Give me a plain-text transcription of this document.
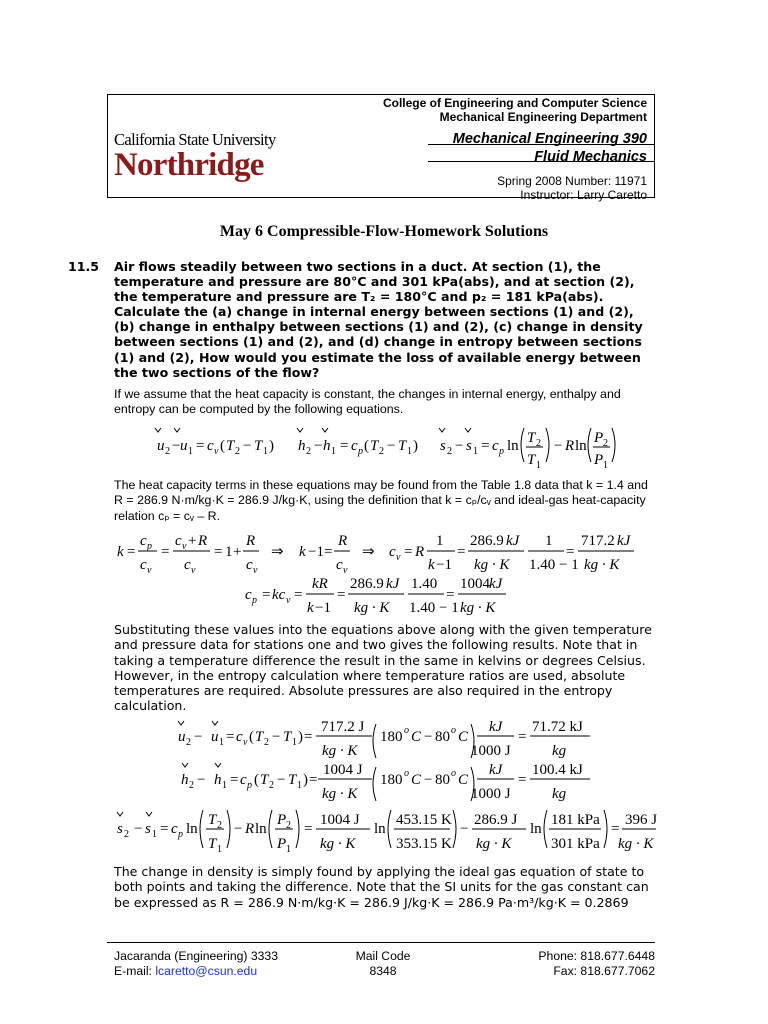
California State University
Northridge
College of Engineering and Computer Science
Mechanical Engineering Department
Mechanical Engineering 390
Fluid Mechanics
Spring 2008 Number: 11971
Instructor: Larry Caretto
May 6 Compressible-Flow-Homework Solutions
11.5 Air flows steadily between two sections in a duct. At section (1), the
temperature and pressure are 80°C and 301 kPa(abs), and at section (2),
the temperature and pressure are T₂ = 180°C and p₂ = 181 kPa(abs).
Calculate the (a) change in internal energy between sections (1) and (2),
(b) change in enthalpy between sections (1) and (2), (c) change in density
between sections (1) and (2), and (d) change in entropy between sections
(1) and (2), How would you estimate the loss of available energy between
the two sections of the flow?
If we assume that the heat capacity is constant, the changes in internal energy, enthalpy and
entropy can be computed by the following equations.
The heat capacity terms in these equations may be found from the Table 1.8 data that k = 1.4 and
R = 286.9 N·m/kg·K = 286.9 J/kg·K, using the definition that k = cₚ/cᵥ and ideal-gas heat-capacity
relation cₚ = cᵥ – R.
Substituting these values into the equations above along with the given temperature
and pressure data for stations one and two gives the following results. Note that in
taking a temperature difference the result in the same in kelvins or degrees Celsius.
However, in the entropy calculation where temperature ratios are used, absolute
temperatures are required. Absolute pressures are also required in the entropy
calculation.
The change in density is simply found by applying the ideal gas equation of state to
both points and taking the difference. Note that the SI units for the gas constant can
be expressed as R = 286.9 N·m/kg·K = 286.9 J/kg·K = 286.9 Pa·m³/kg·K = 0.2869
u 2 − u 1 = c v ( T 2 − T 1 ) h 2 − h 1 = c p ( T 2 − T 1 ) s 2 − s 1 = c p ln T 2
T 1
− R ln P 2
P 1
k =
c p
c v
=
c v + R
c v
= 1 +
R
c v
⇒ k −1=
R
c v
⇒ c v = R
1
k −1
=
286.9 kJ
kg · K
1
1.40 − 1
=
717.2 kJ
kg · K
c p = kc v =
kR
k −1
=
286.9 kJ
kg · K
1.40
1.40 − 1
=
1004 kJ
kg · K
u 2 − u 1 = c v ( T 2 − T 1 ) =
717.2 J
kg · K
180 o C − 80 o C
kJ
1000 J
=
71.72 kJ
kg
h 2 − h 1 = c p ( T 2 − T 1 ) =
1004 J
kg · K
180 o C − 80 o C
kJ
1000 J
=
100.4 kJ
kg
s 2 − s 1 = c p ln
T 2
T 1
− R ln
P 2
P 1
=
1004 J
kg · K
ln
453.15 K
353.15 K
−
286.9 J
kg · K
ln
181 kPa
301 kPa
=
396 J
kg · K
Jacaranda (Engineering) 3333
E-mail: lcaretto@csun.edu
Mail Code
8348
Phone: 818.677.6448
Fax: 818.677.7062
